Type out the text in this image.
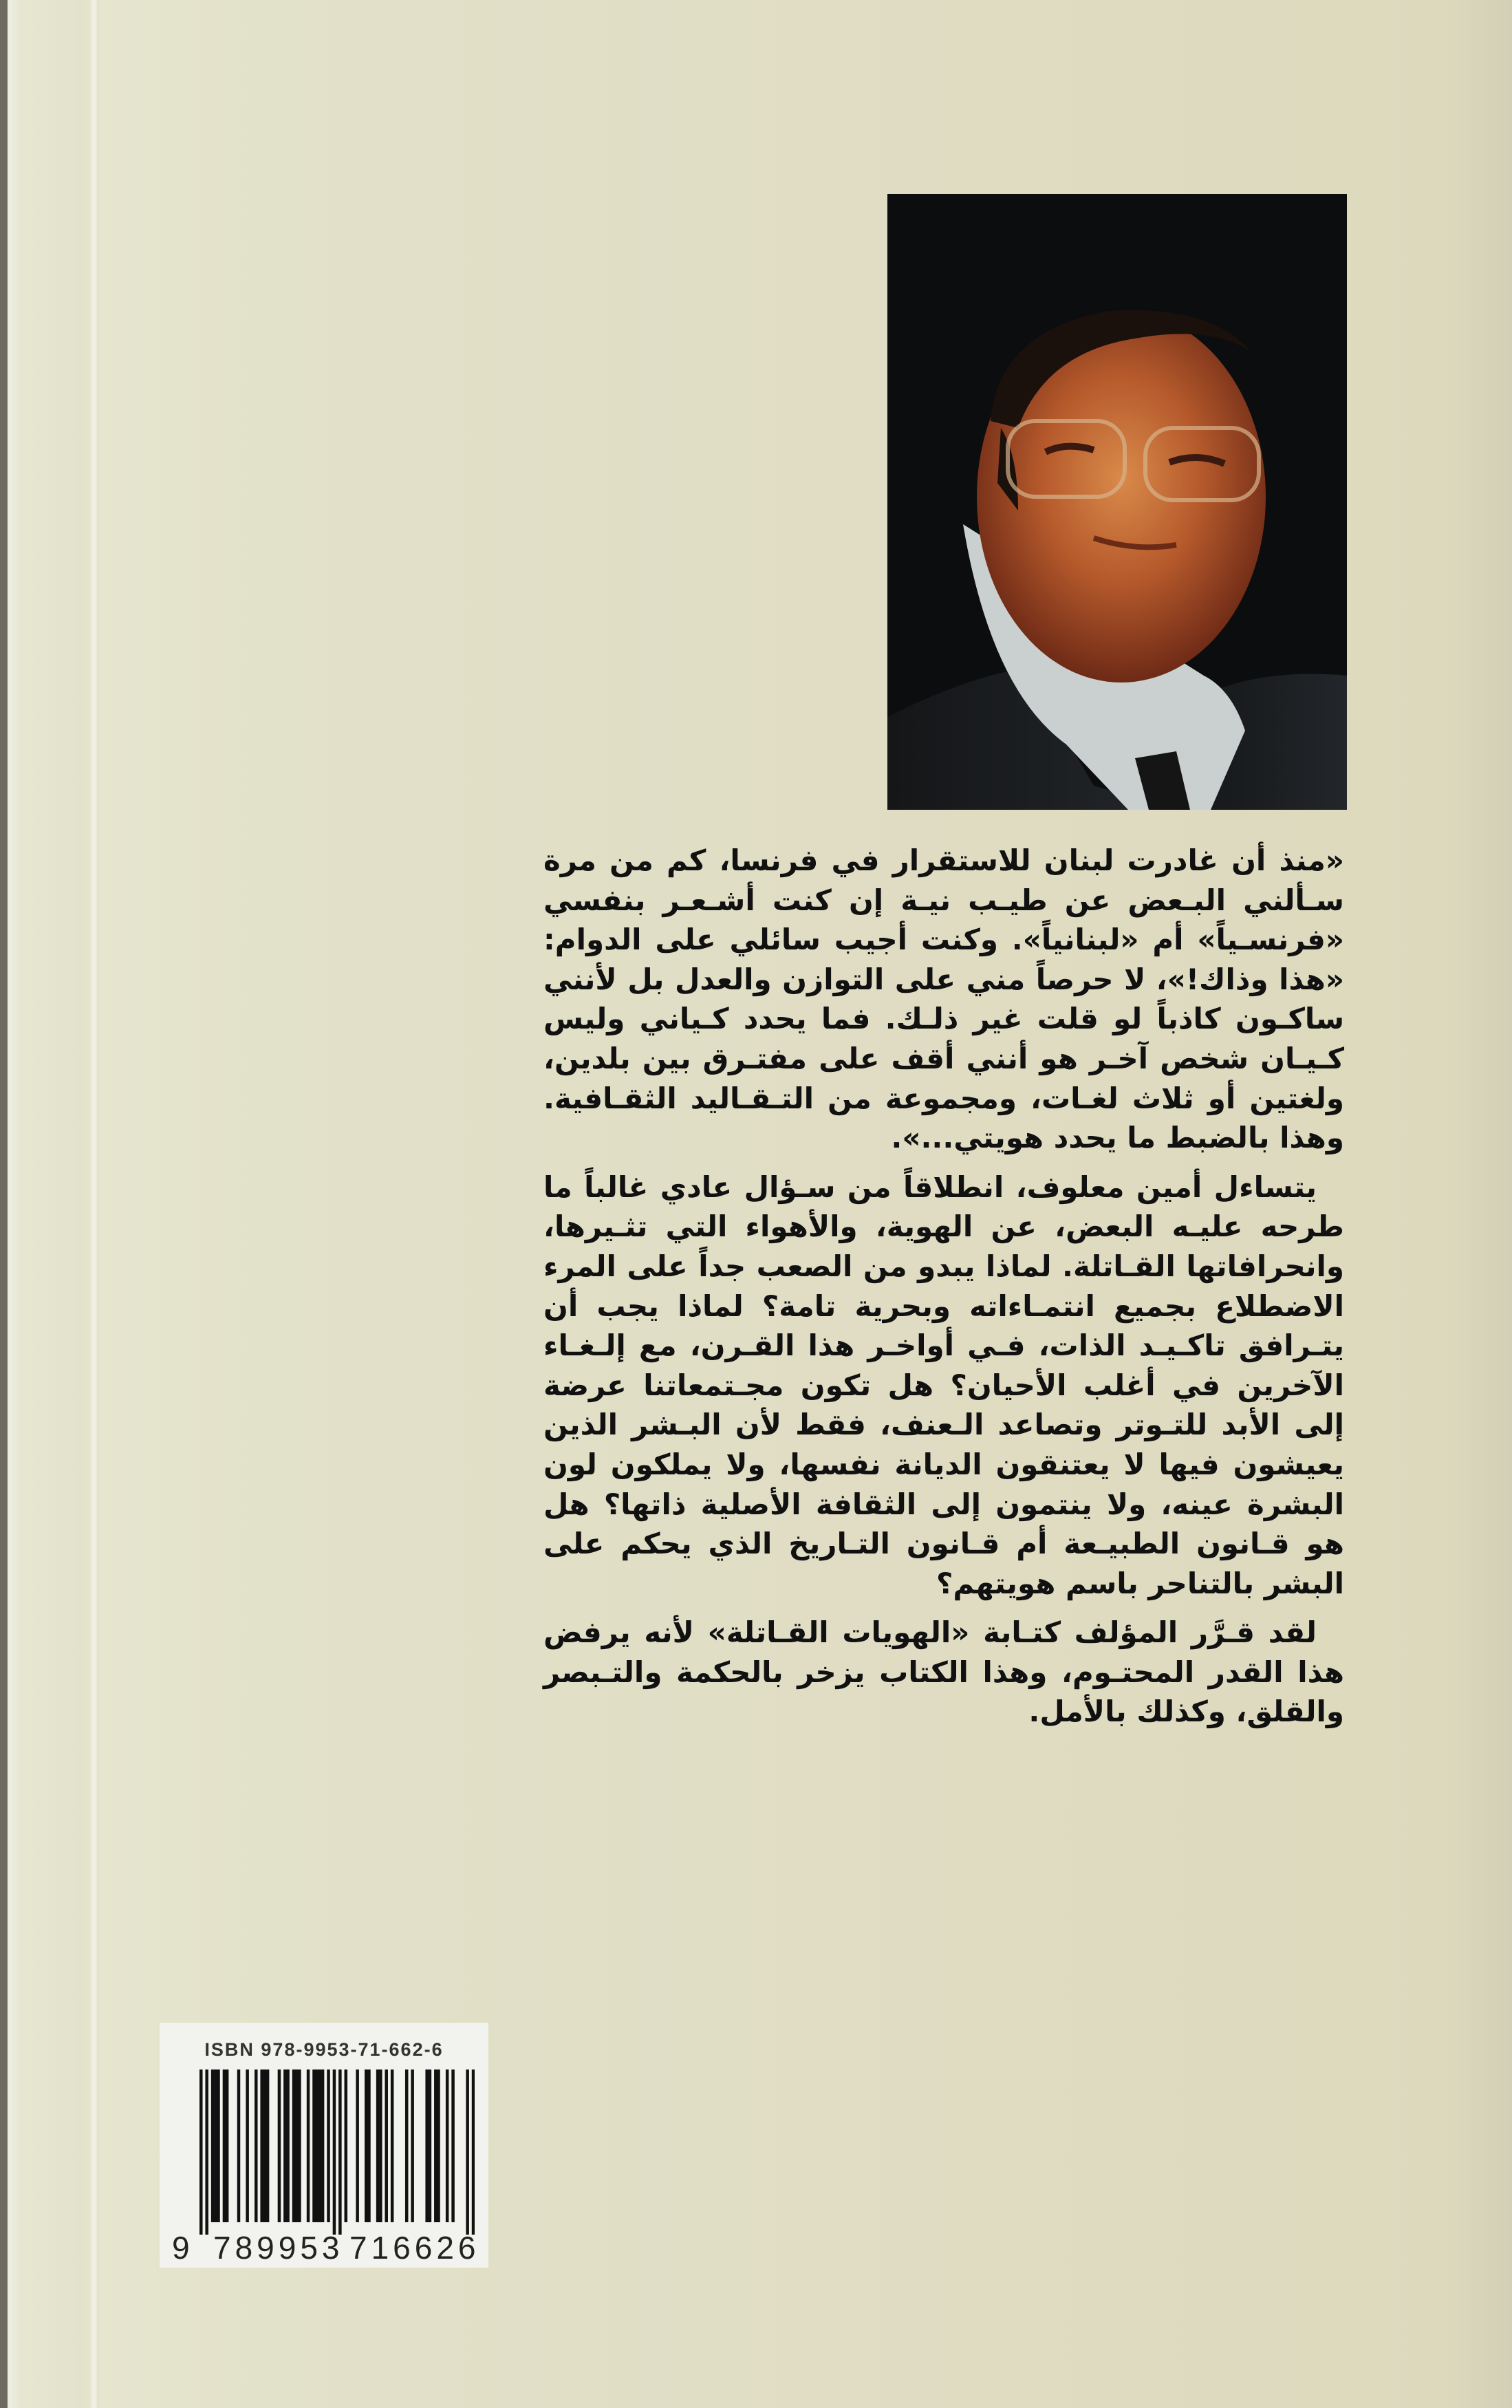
«منذ أن غادرت لبنان للاستقرار في فرنسا، كم من مرة
سـألني البـعض عن طيـب نيـة إن كنت أشـعـر بنفسي
«فرنسـياً» أم «لبنانياً». وكنت أجيب سائلي على الدوام:
«هذا وذاك!»، لا حرصاً مني على التوازن والعدل بل لأنني
ساكـون كاذباً لو قلت غير ذلـك. فما يحدد كـياني وليس
كـيـان شخص آخـر هو أنني أقف على مفتـرق بين بلدين،
ولغتين أو ثلاث لغـات، ومجموعة من التـقـاليد الثقـافية.
وهذا بالضبط ما يحدد هويتي...».
يتساءل أمين معلوف، انطلاقاً من سـؤال عادي غالباً ما
طرحه عليـه البعض، عن الهوية، والأهواء التي تثـيرها،
وانحرافاتها القـاتلة. لماذا يبدو من الصعب جداً على المرء
الاضطلاع بجميع انتمـاءاته وبحرية تامة؟ لماذا يجب أن
يتـرافق تاكـيـد الذات، فـي أواخـر هذا القـرن، مع إلـغـاء
الآخرين في أغلب الأحيان؟ هل تكون مجـتمعاتنا عرضة
إلى الأبد للتـوتر وتصاعد الـعنف، فقط لأن البـشر الذين
يعيشون فيها لا يعتنقون الديانة نفسها، ولا يملكون لون
البشرة عينه، ولا ينتمون إلى الثقافة الأصلية ذاتها؟ هل
هو قـانون الطبيـعة أم قـانون التـاريخ الذي يحكم على
البشر بالتناحر باسم هويتهم؟
لقد قـرَّر المؤلف كتـابة «الهويات القـاتلة» لأنه يرفض
هذا القدر المحتـوم، وهذا الكتاب يزخر بالحكمة والتـبصر
والقلق، وكذلك بالأمل.
ISBN 978-9953-71-662-6
9 789953 716626
